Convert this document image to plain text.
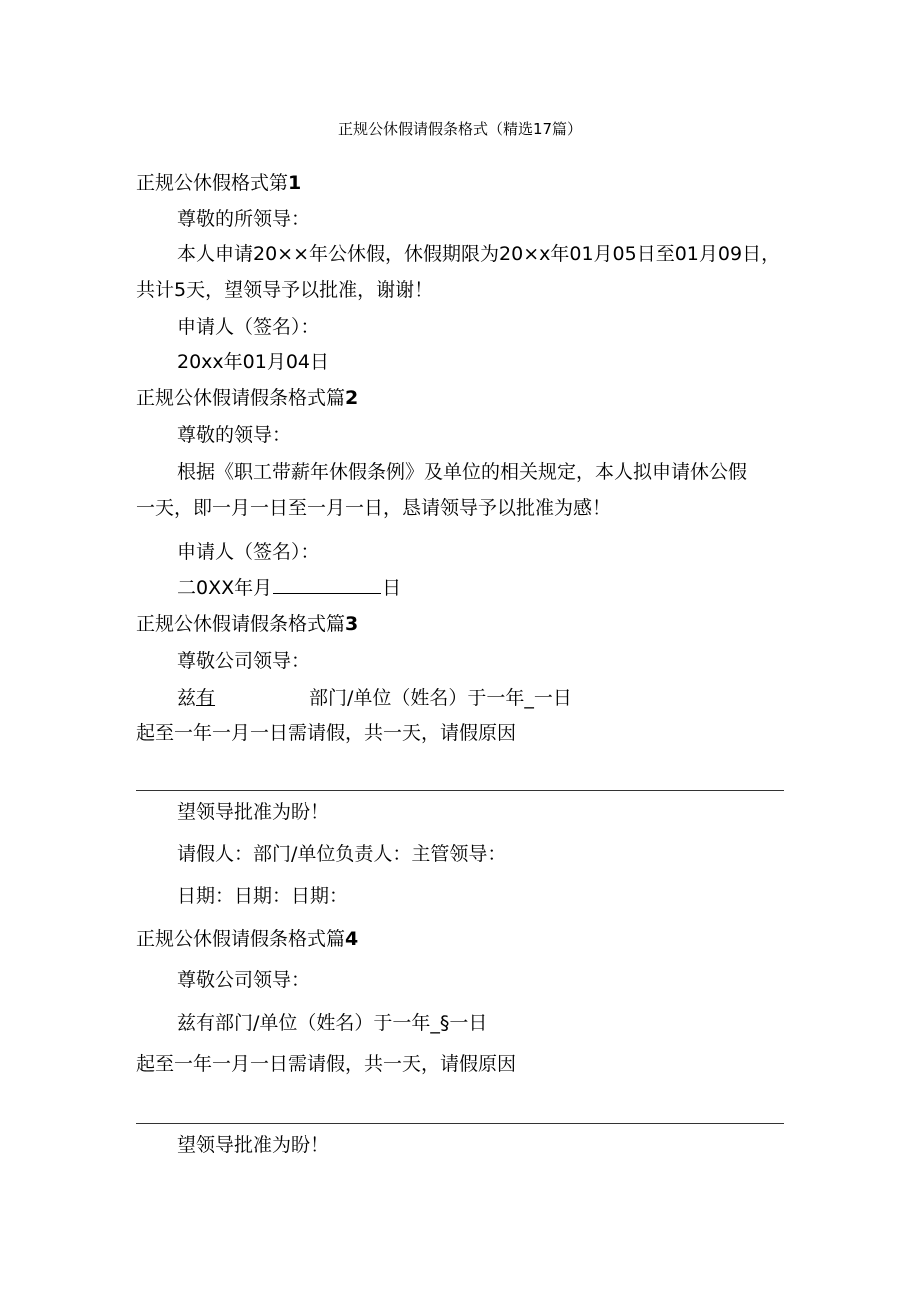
正规公休假请假条格式（精选17篇）
正规公休假格式第1
尊敬的所领导：
本人申请20××年公休假，休假期限为20×x年01月05日至01月09日，
共计5天，望领导予以批准，谢谢！
申请人（签名）：
20xx年01月04日
正规公休假请假条格式篇2
尊敬的领导：
根据《职工带薪年休假条例》及单位的相关规定，本人拟申请休公假
一天，即一月一日至一月一日，恳请领导予以批准为感！
申请人（签名）：
二0XX年月	日
正规公休假请假条格式篇3
尊敬公司领导：
兹有	部门/单位（姓名）于一年_一日
起至一年一月一日需请假，共一天，请假原因
望领导批准为盼！
请假人：部门/单位负责人：主管领导：
日期：日期：日期：
正规公休假请假条格式篇4
尊敬公司领导：
兹有部门/单位（姓名）于一年_§一日
起至一年一月一日需请假，共一天，请假原因
望领导批准为盼！
